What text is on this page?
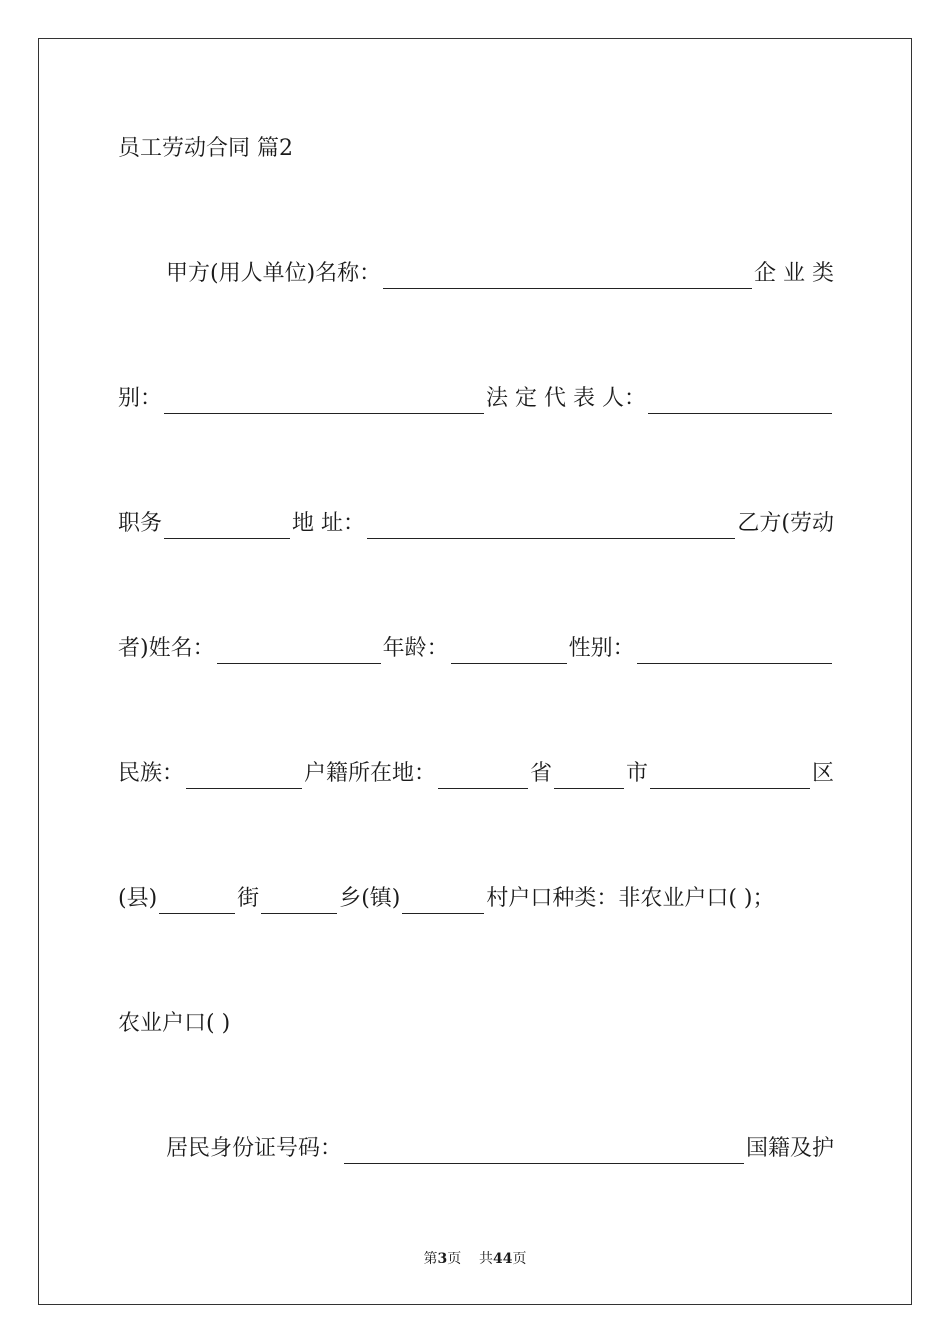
员工劳动合同 篇2
甲方(用人单位)名称：	企 业 类
别：	法 定 代 表 人：
职务	地 址：	乙方(劳动
者)姓名：	年龄：	性别：
民族：	户籍所在地：	省	市	区
(县)	街	乡(镇)	村户口种类：非农业户口( )；
农业户口( )
居民身份证号码：	国籍及护
第3页 共44页
